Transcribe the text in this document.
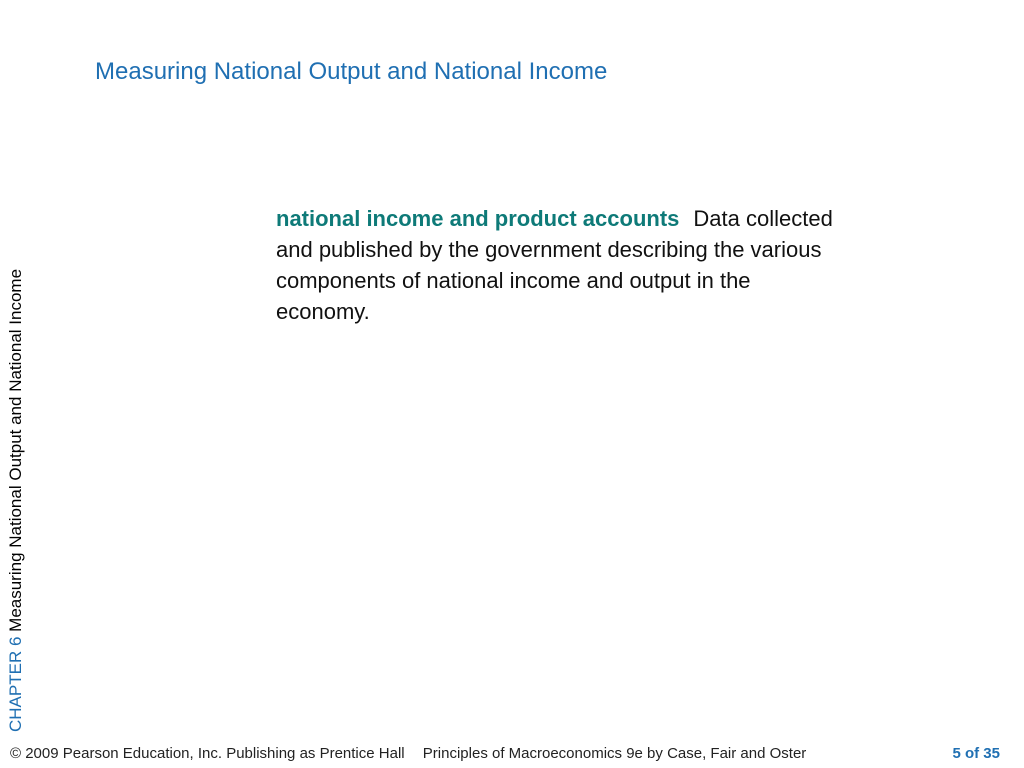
Measuring National Output and National Income
CHAPTER 6 Measuring National Output and National Income
national income and product accounts Data collected and published by the government describing the various components of national income and output in the economy.
© 2009 Pearson Education, Inc. Publishing as Prentice Hall Principles of Macroeconomics 9e by Case, Fair and Oster	5 of 35
